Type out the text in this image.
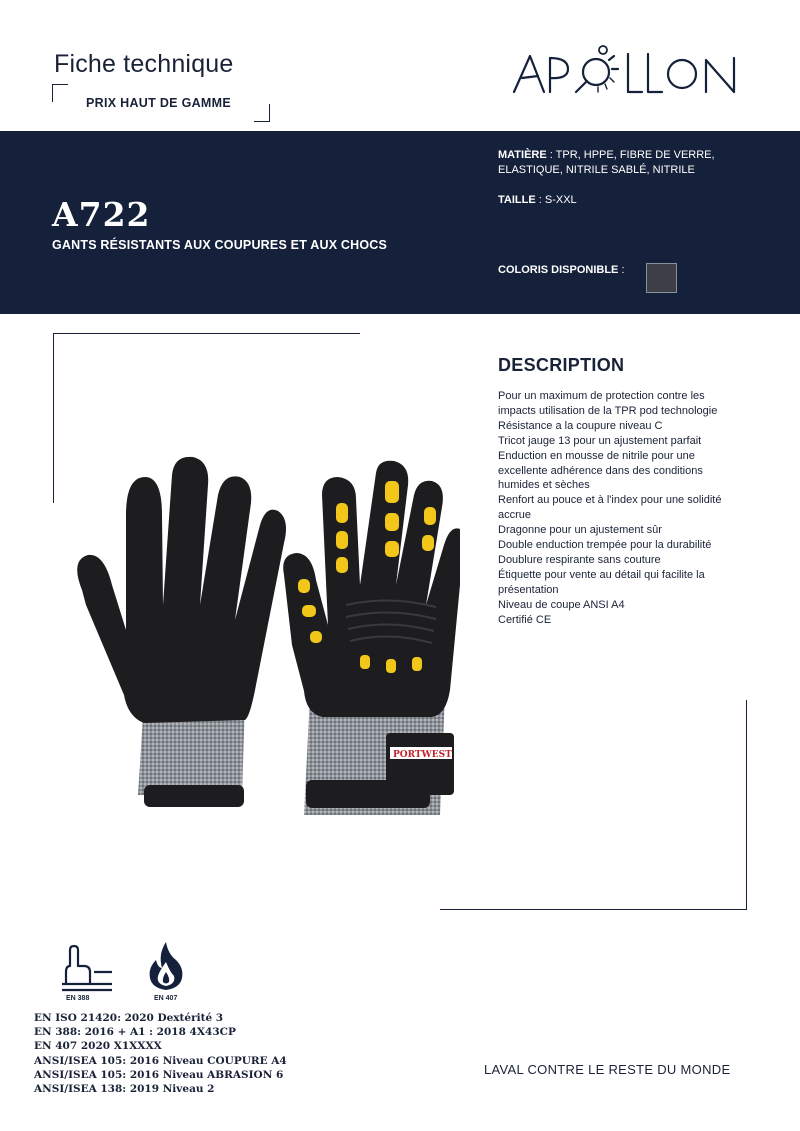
Fiche technique
PRIX HAUT DE GAMME
APOLLON
A722
GANTS RÉSISTANTS AUX COUPURES ET AUX CHOCS
MATIÈRE : TPR, HPPE, FIBRE DE VERRE, ELASTIQUE, NITRILE SABLÉ, NITRILE
TAILLE : S-XXL
COLORIS DISPONIBLE :
PORTWEST
DESCRIPTION
Pour un maximum de protection contre les impacts utilisation de la TPR pod technologie
Résistance a la coupure niveau C
Tricot jauge 13 pour un ajustement parfait
Enduction en mousse de nitrile pour une excellente adhérence dans des conditions humides et sèches
Renfort au pouce et à l'index pour une solidité accrue
Dragonne pour un ajustement sûr
Double enduction trempée pour la durabilité
Doublure respirante sans couture
Étiquette pour vente au détail qui facilite la présentation
Niveau de coupe ANSI A4
Certifié CE
EN 388	EN 407
EN ISO 21420: 2020 Dextérité 3
EN 388: 2016 + A1 : 2018 4X43CP
EN 407 2020 X1XXXX
ANSI/ISEA 105: 2016 Niveau COUPURE A4
ANSI/ISEA 105: 2016 Niveau ABRASION 6
ANSI/ISEA 138: 2019 Niveau 2
LAVAL CONTRE LE RESTE DU MONDE
